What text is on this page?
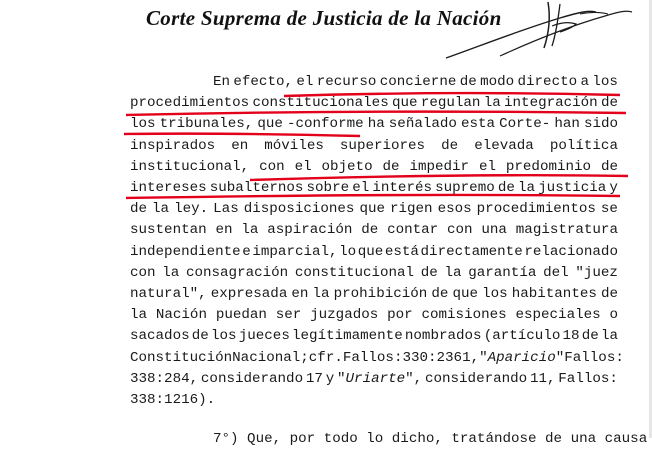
Corte Suprema de Justicia de la Nación
En efecto, el recurso concierne de modo directo a los
procedimientos constitucionales que regulan la integración de
los tribunales, que -conforme ha señalado esta Corte- han sido
inspirados en móviles superiores de elevada política
institucional, con el objeto de impedir el predominio de
intereses subalternos sobre el interés supremo de la justicia y
de la ley. Las disposiciones que rigen esos procedimientos se
sustentan en la aspiración de contar con una magistratura
independiente e imparcial, lo que está directamente relacionado
con la consagración constitucional de la garantía del "juez
natural", expresada en la prohibición de que los habitantes de
la Nación puedan ser juzgados por comisiones especiales o
sacados de los jueces legítimamente nombrados (artículo 18 de la
Constitución Nacional; cfr. Fallos: 330:2361, "Aparicio" Fallos:
338:284, considerando 17 y "Uriarte", considerando 11, Fallos:
338:1216).
7°) Que, por todo lo dicho, tratándose de una causa
